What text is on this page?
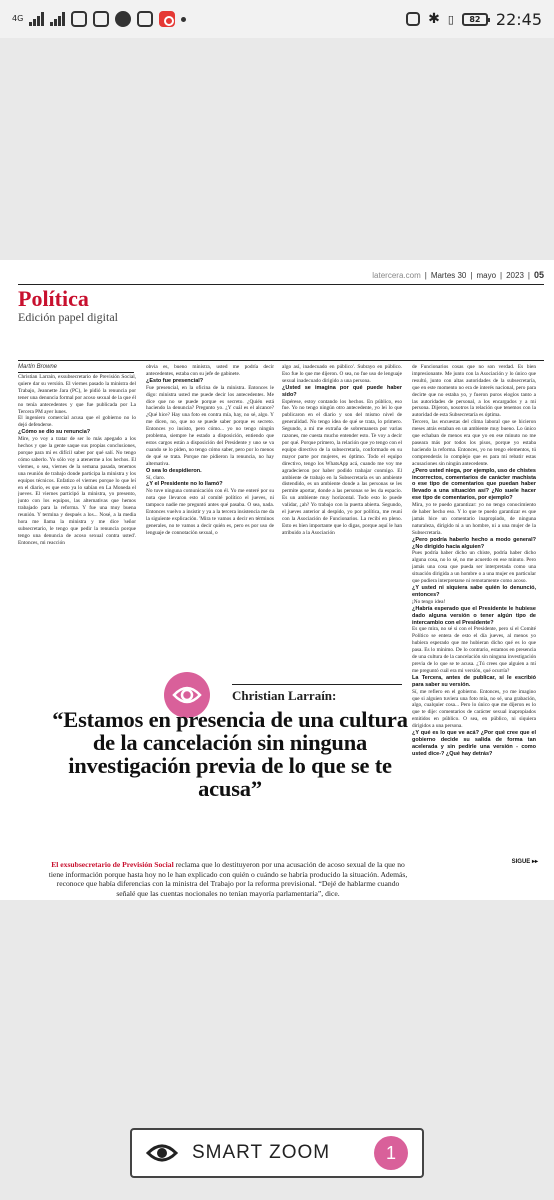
4G	✱ ▯ 82 22:45
latercera.com | Martes 30 | mayo | 2023 | 05
Política
Edición papel digital
Martín Browne

Christian Larraín, exsubsecretario de Previsión Social, quiere dar su versión. El viernes pasado la ministra del Trabajo, Jeannette Jara (PC), le pidió la renuncia por tener una denuncia formal por acoso sexual de la que él no tenía antecedentes y que fue publicada por La Tercera PM ayer lunes.

El ingeniero comercial acusa que el gobierno no lo dejó defenderse.

¿Cómo se dio su renuncia?

Mire, yo voy a tratar de ser lo más apegado a los hechos y que la gente saque sus propias conclusiones, porque para mí es difícil saber por qué salí. No tengo cómo saberlo. Yo sólo voy a atenerme a los hechos. El viernes, o sea, viernes de la semana pasada, tenemos una reunión de trabajo donde participa la ministra y los equipos técnicos. Enfatizo el viernes porque lo que leí en el diario, es que esto ya lo sabían en La Moneda el jueves. El viernes participó la ministra, yo presento, junto con los equipos, las alternativas que hemos trabajado para la reforma. Y fue una muy buena reunión. Y termina y después a los... Nosé, a la media hora me llama la ministra y me dice 'señor subsecretario, le tengo que pedir la renuncia porque tengo una denuncia de acoso sexual contra usted'. Entonces, mi reacción

obvia es, bueno ministra, usted me podría decir antecedentes, estaba con su jefe de gabinete.

¿Esto fue presencial?

Fue presencial, en la oficina de la ministra. Entonces le digo: ministra usted me puede decir los antecedentes. Me dice que no se puede porque es secreto. ¿Quién está haciendo la denuncia? Pregunto yo. ¿Y cuál es el alcance? ¿Qué hice? Hay una foto en contra mía, hay, no sé, algo. Y me dicen, no, que no se puede saber porque es secreto. Entonces yo insisto, pero cómo... yo no tengo ningún problema, siempre he estado a disposición, entiendo que estos cargos están a disposición del Presidente y uno se va cuando se lo piden, no tengo cómo saber, pero por lo menos de qué se trata. Porque me pidieron la renuncia, no hay alternativa.

O sea lo despidieron.

Sí, claro.

¿Y el Presidente no lo llamó?

No tuve ninguna comunicación con él. Yo me enteré por su nota que llevaron esto al comité político el jueves, ni tampoco nadie me preguntó antes qué pasaba. O sea, nada. Entonces vuelvo a insistir y ya a la tercera insistencia me da la siguiente explicación. 'Mira te vamos a decir en términos generales, no te vamos a decir quién es, pero es por uso de lenguaje de connotación sexual, o

algo así, inadecuado en público'. Subrayo en público. Eso fue lo que me dijeron. O sea, no fue uso de lenguaje sexual inadecuado dirigido a una persona.

¿Usted se imagina por qué puede haber sido?

Espérese, estoy contando los hechos. En público, eso fue. Yo no tengo ningún otro antecedente, yo lei lo que publicaron en el diario y son del mismo nivel de generalidad. No tengo idea de qué se trata, lo primero. Segundo, a mí me extraña de sobremanera por varias razones, me cuesta mucho entender esto. Te voy a decir por qué. Porque primero, la relación que yo tengo con el equipo directivo de la subsecretaría, conformado en su mayor parte por mujeres, es óptimo. Todo el equipo directivo, tengo los WhatsApp acá, cuando me voy me agradecieron por haber podido trabajar conmigo. El ambiente de trabajo en la Subsecretaría es un ambiente distendido, es un ambiente donde a las personas se les permite aportar, donde a las personas se les da espacio. Es un ambiente muy horizontal. Todo esto lo puede validar, ¿ah? Yo trabajo con la puerta abierta. Segundo, el jueves anterior al despido, yo por política, me reuní con la Asociación de Funcionarios. La recibí en pleno. Esto es bien importante que lo digas, porque aquí le han atribuido a la Asociación

de Funcionarios cosas que no son verdad. Es bien impresionante. Me junto con la Asociación y lo único que resultó, junto con altas autoridades de la subsecretaría, que en este momento no era de interés nacional, pero para decirte que no estaba yo, y fueron puros elogios tanto a las autoridades de personal, a los encargados y a mi persona. Dijeron, nosotros la relación que tenemos con la autoridad de esta Subsecretaría es óptima.

Tercero, las encuestas del clima laboral que se hicieron meses atrás estaban en un ambiente muy bueno. Lo único que echaban de menos era que yo en ese minuto no me paseara más por todos los pisos, porque yo estaba haciendo la reforma. Entonces, yo no tengo elementos, tú comprenderás lo complejo que es para mí rebatir estas acusaciones sin ningún antecedente.

¿Pero usted niega, por ejemplo, uso de chistes incorrectos, comentarios de carácter machista o ese tipo de comentarios que puedan haber llevado a una situación así? ¿No suele hacer ese tipo de comentarios, por ejemplo?

Mira, yo te puedo garantizar: yo no tengo conocimiento de haber hecho eso. Y lo que te puedo garantizar es que jamás hice un comentario inapropiado, de ninguna naturaleza, dirigido ni a un hombre, ni a una mujer de la Subsecretaría.

¿Pero podría haberlo hecho a modo general? ¿No dirigido hacia alguien?

Pues podría haber dicho un chiste, podría haber dicho alguna cosa, no lo sé, no me acuerdo en ese minuto. Pero jamás una cosa que pueda ser interpretada como una situación dirigida a un hombre o a una mujer en particular que pudiera interpretarse ni remotamente como acoso.

¿Y usted ni siquiera sabe quién lo denunció, entonces?

¡No tengo idea!

¿Habría esperado que el Presidente le hubiese dado alguna versión o tener algún tipo de intercambio con el Presidente?

Es que mira, no sé si con el Presidente, pero sí el Comité Político se entera de esto el día jueves, al menos yo hubiera esperado que me hubieran dicho qué es lo que pasa. Es lo mínimo. De lo contrario, estamos en presencia de una cultura de la cancelación sin ninguna investigación previa de lo que se te acusa. ¿Tú crees que alguien a mí me preguntó cuál era mi versión, qué ocurría?

La Tercera, antes de publicar, sí le escribió para saber su versión.

Sí, me refiero en el gobierno. Entonces, yo me imagino que si alguien tuviera una foto mía, no sé, una grabación, algo, cualquier cosa... Pero lo único que me dijeron es lo que te dije: comentarios de carácter sexual inapropiados emitidos en público. O sea, en público, ni siquiera dirigidos a una persona.

¿Y qué es lo que ve acá? ¿Por qué cree que el gobierno decide su salida de forma tan acelerada y sin pedirle una versión - como usted dice-? ¿Qué hay detrás?
Christian Larraín:
“Estamos en presencia de una cultura de la cancelación sin ninguna investigación previa de lo que se te acusa”
El exsubsecretario de Previsión Social reclama que lo destituyeron por una acusación de acoso sexual de la que no tiene información porque hasta hoy no le han explicado con quién o cuándo se habría producido la situación. Además, reconoce que había diferencias con la ministra del Trabajo por la reforma previsional. “Dejé de hablarme cuando señalé que las cuentas nocionales no tenían mayoría parlamentaria”, dice.
SIGUE ▸▸
SMART ZOOM	1
